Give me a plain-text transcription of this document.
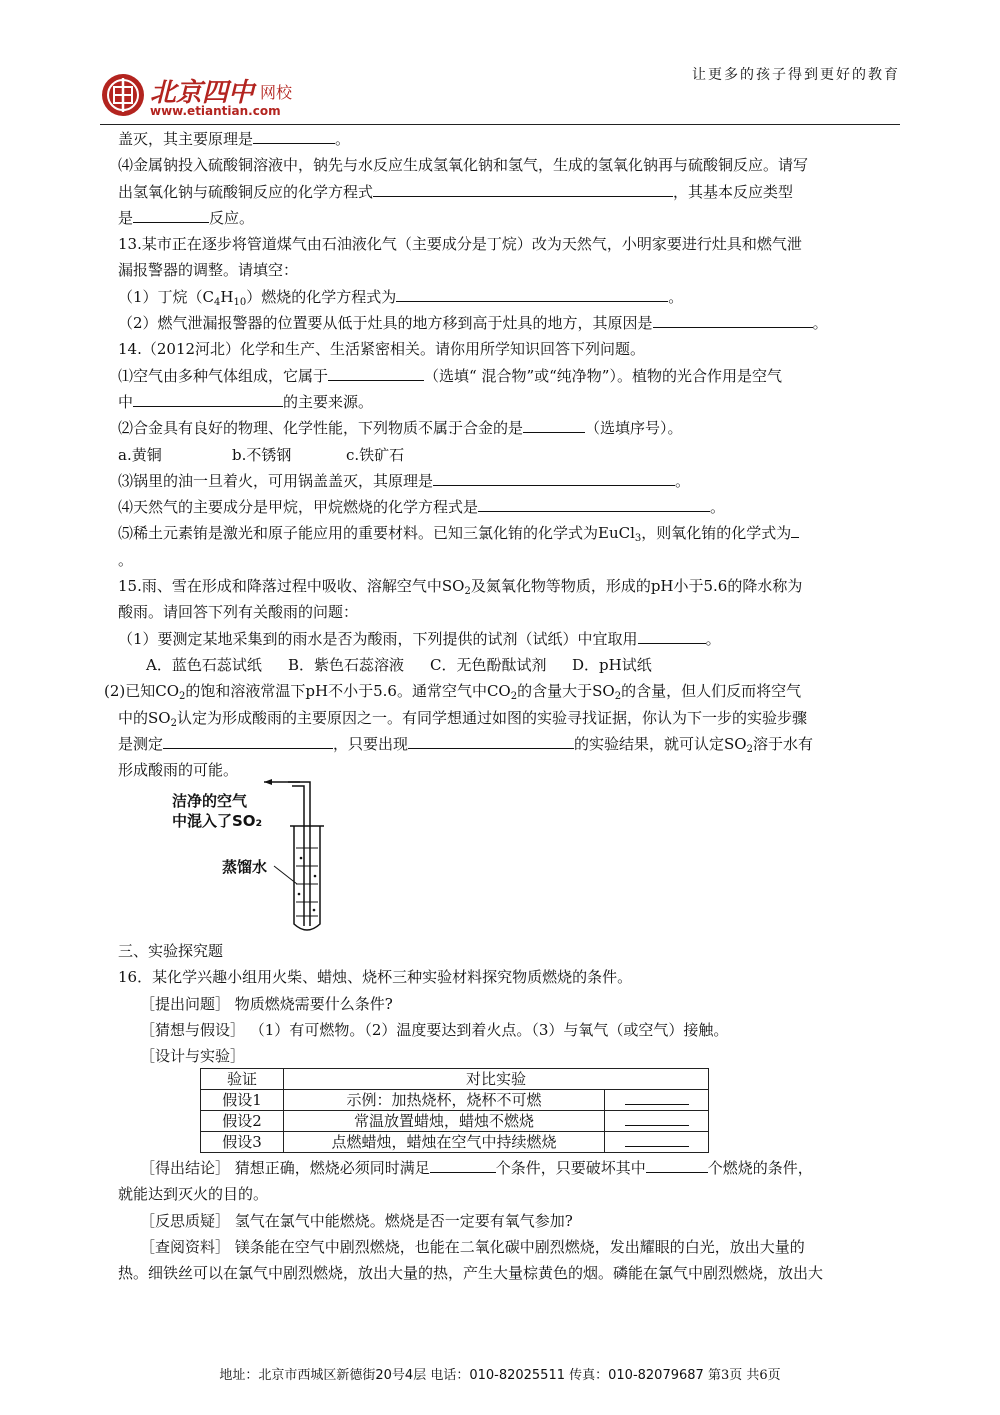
北京四中 网校
www.etiantian.com
让更多的孩子得到更好的教育

盖灭，其主要原理是	。

⑷金属钠投入硫酸铜溶液中，钠先与水反应生成氢氧化钠和氢气，生成的氢氧化钠再与硫酸铜反应。请写

出氢氧化钠与硫酸铜反应的化学方程式	，其基本反应类型

是	反应。

13.某市正在逐步将管道煤气由石油液化气（主要成分是丁烷）改为天然气，小明家要进行灶具和燃气泄

漏报警器的调整。请填空：

（1）丁烷$(C_4H_{10})$燃烧的化学方程式为	。

（2）燃气泄漏报警器的位置要从低于灶具的地方移到高于灶具的地方，其原因是	。

14.（2012河北）化学和生产、生活紧密相关。请你用所学知识回答下列问题。

⑴空气由多种气体组成，它属于	（选填“ 混合物”或“纯净物”）。植物的光合作用是空气

中	的主要来源。

⑵合金具有良好的物理、化学性能，下列物质不属于 • • •合金的是	（选填序号）。

a.黄铜	b.不锈钢	c.铁矿石

⑶锅里的油一旦着火，可用锅盖盖灭，其原理是	。

⑷天然气的主要成分是甲烷，甲烷燃烧的化学方程式是	。

⑸稀土元素铕是激光和原子能应用的重要材料。已知三氯化铕的化学式为EuCl$_3$，则氧化铕的化学式为

。

15.雨、雪在形成和降落过程中吸收、溶解空气中$SO_2$及氮氧化物等物质，形成的pH小于5.6的降水称为

酸雨。请回答下列有关酸雨的问题：

（1）要测定某地采集到的雨水是否为酸雨，下列提供的试剂（试纸）中宜取用	。

A．蓝色石蕊试纸 B．紫色石蕊溶液 C．无色酚酞试剂 D．pH试纸

(2)已知$CO_2$的饱和溶液常温下pH不小于5.6。通常空气中$CO_2$的含量大于$SO_2$的含量，但人们反而将空气

中的$SO_2$认定为形成酸雨的主要原因之一。有同学想通过如图的实验寻找证据，你认为下一步的实验步骤

是测定	，只要出现	的实验结果，就可认定$SO_2$溶于水有

形成酸雨的可能。

洁净的空气
中混入了SO₂
蒸馏水

三、实验探究题

16．某化学兴趣小组用火柴、蜡烛、烧杯三种实验材料探究物质燃烧的条件。

［提出问题］ 物质燃烧需要什么条件?

［猜想与假设］ （1）有可燃物。（2）温度要达到着火点。（3）与氧气（或空气）接触。

［设计与实验］

验证	对比实验	
假设1	示例：加热烧杯，烧杯不可燃	
假设2	常温放置蜡烛，蜡烛不燃烧	
假设3	点燃蜡烛，蜡烛在空气中持续燃烧	

［得出结论］ 猜想正确，燃烧必须同时满足	个条件，只要破坏其中	个燃烧的条件，

就能达到灭火的目的。

［反思质疑］ 氢气在氯气中能燃烧。燃烧是否一定要有氧气参加?

［查阅资料］ 镁条能在空气中剧烈燃烧，也能在二氧化碳中剧烈燃烧，发出耀眼的白光，放出大量的

热。细铁丝可以在氯气中剧烈燃烧，放出大量的热，产生大量棕黄色的烟。磷能在氯气中剧烈燃烧，放出大

地址：北京市西城区新德街20号4层 电话：010-82025511 传真：010-82079687 第3页 共6页
